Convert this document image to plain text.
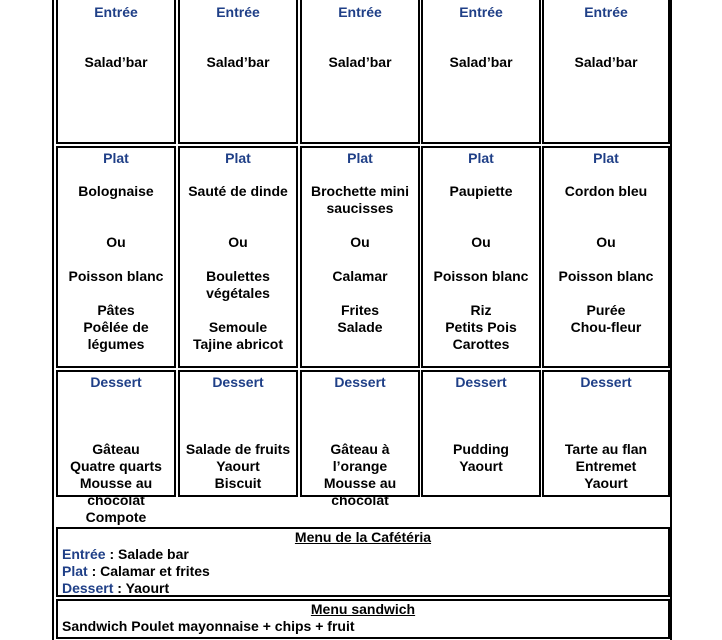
Entrée
Salad’bar
Plat
Bolognaise
Ou
Poisson blanc
Pâtes
Poêlée de
légumes
Dessert
Gâteau
Quatre quarts
Mousse au
chocolat
Compote
Entrée
Salad’bar
Plat
Sauté de dinde
Ou
Boulettes
végétales
Semoule
Tajine abricot
Dessert
Salade de fruits
Yaourt
Biscuit
Entrée
Salad’bar
Plat
Brochette mini
saucisses
Ou
Calamar
Frites
Salade
Dessert
Gâteau à
l’orange
Mousse au
chocolat
Entrée
Salad’bar
Plat
Paupiette
Ou
Poisson blanc
Riz
Petits Pois
Carottes
Dessert
Pudding
Yaourt
Entrée
Salad’bar
Plat
Cordon bleu
Ou
Poisson blanc
Purée
Chou-fleur
Dessert
Tarte au flan
Entremet
Yaourt
Menu de la Cafétéria
Entrée : Salade bar
Plat : Calamar et frites
Dessert : Yaourt
Menu sandwich
Sandwich Poulet mayonnaise + chips + fruit
